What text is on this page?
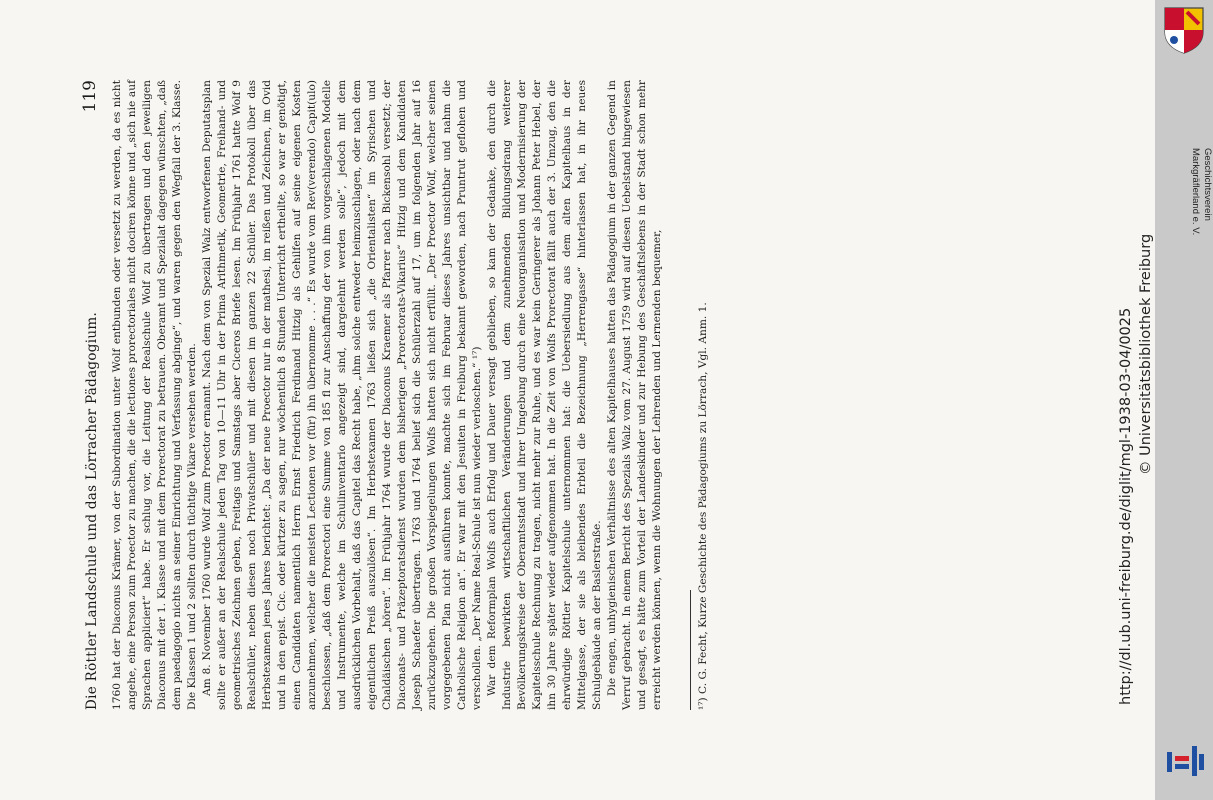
Die Röttler Landschule und das Lörracher Pädagogium.
119 1760 hat der Diaconus Krämer, von der Subordination unter Wolf entbunden oder versetzt zu werden, da es nicht angehe, eine Person zum Proector zu machen, die die lectiones prorectoriales nicht dociren könne und „sich nie auf Sprachen appliciert“ habe. Er schlug vor, die Leitung der Realschule Wolf zu übertragen und den jeweiligen Diaconus mit der 1. Klasse und mit dem Prorectorat zu betrauen. Oberamt und Spezialat dagegen wünschten, „daß dem paedagogio nichts an seiner Einrichtung und Verfassung abginge“, und waren gegen den Wegfall der 3. Klasse. Die Klassen 1 und 2 sollten durch tüchtige Vikare versehen werden. Am 8. November 1760 wurde Wolf zum Proector ernannt. Nach dem von Spezial Walz entworfenen Deputatsplan sollte er außer an der Realschule jeden Tag von 10—11 Uhr in der Prima Arithmetik, Geometrie, Freihand- und geometrisches Zeichnen geben, Freitags und Samstags aber Ciceros Briefe lesen. Im Frühjahr 1761 hatte Wolf 9 Realschüler, neben diesen noch Privatschüler und mit diesen im ganzen 22 Schüler. Das Protokoll über das Herbstexamen jenes Jahres berichtet: „Da der neue Proector nur in der mathesi, im reißen und Zeichnen, im Ovid und in den epist. Cic. oder kürtzer zu sagen, nur wöchentlich 8 Stunden Unterricht ertheilte, so war er genötigt, einen Candidaten namentlich Herrn Ernst Friedrich Ferdinand Hitzig als Gehilfen auf seine eigenen Kosten anzunehmen, welcher die meisten Lectionen vor (für) ihn übernomme . . .“ Es wurde vom Rev(verendo) Capit(ulo) beschlossen, „daß dem Prorectori eine Summe von 185 fl zur Anschaffung der von ihm vorgeschlagenen Modelle und Instrumente, welche im Schulinventario angezeigt sind, dargelehnt werden solle“, jedoch mit dem ausdrücklichen Vorbehalt, daß das Capitel das Recht habe, „ihm solche entweder heimzuschlagen, oder nach dem eigentlichen Preiß auszulösen“. Im Herbstexamen 1763 ließen sich „die Orientalisten“ im Syrischen und Chaldäischen „hören“. Im Frühjahr 1764 wurde der Diaconus Kraemer als Pfarrer nach Bickensohl versetzt; der Diaconats- und Präzeptoratsdienst wurden dem bisherigen „Prorectorats-Vikarius“ Hitzig und dem Kandidaten Joseph Schaefer übertragen. 1763 und 1764 belief sich die Schülerzahl auf 17, um im folgenden Jahr auf 16 zurückzugehen. Die großen Vorspiegelungen Wolfs hatten sich nicht erfüllt. „Der Proector Wolf, welcher seinen vorgegebenen Plan nicht ausführen konnte, machte sich im Februar dieses Jahres unsichtbar und nahm die Catholische Religion an“. Er war mit den Jesuiten in Freiburg bekannt geworden, nach Pruntrut geflohen und verschollen. „Der Name Real-Schule ist nun wieder verloschen.“ ¹⁷) War dem Reformplan Wolfs auch Erfolg und Dauer versagt geblieben, so kam der Gedanke, den durch die Industrie bewirkten wirtschaftlichen Veränderungen und dem zunehmenden Bildungsdrang weiterer Bevölkerungskreise der Oberamtsstadt und ihrer Umgebung durch eine Neuorganisation und Modernisierung der Kapitelsschule Rechnung zu tragen, nicht mehr zur Ruhe, und es war kein Geringerer als Johann Peter Hebel, der ihn 30 Jahre später wieder aufgenommen hat. In die Zeit von Wolfs Prorectorat fällt auch der 3. Umzug, den die ehrwürdige Röttler Kapitelschule unternommen hat: die Uebersiedlung aus dem alten Kapitelhaus in der Mittelgasse, der sie als bleibendes Erbteil die Bezeichnung „Herrengasse“ hinterlassen hat, in ihr neues Schulgebäude an der Baslerstraße. Die engen, unhygienischen Verhältnisse des alten Kapitelhauses hatten das Pädagogium in der ganzen Gegend in Verruf gebracht. In einem Bericht des Spezials Walz vom 27. August 1759 wird auf diesen Uebelstand hingewiesen und gesagt, es hätte zum Vorteil der Landeskinder und zur Hebung des Geschäftslebens in der Stadt schon mehr erreicht werden können, wenn die Wohnungen der Lehrenden und Lernenden bequemer,	¹⁷) C. G. Fecht, Kurze Geschichte des Pädagogiums zu Lörrach, Vgl. Anm. 1.	http://dl.ub.uni-freiburg.de/diglit/mgl-1938-03-04/0025 © Universitätsbibliothek Freiburg
Geschichtsverein
Markgräflerland e. V.
